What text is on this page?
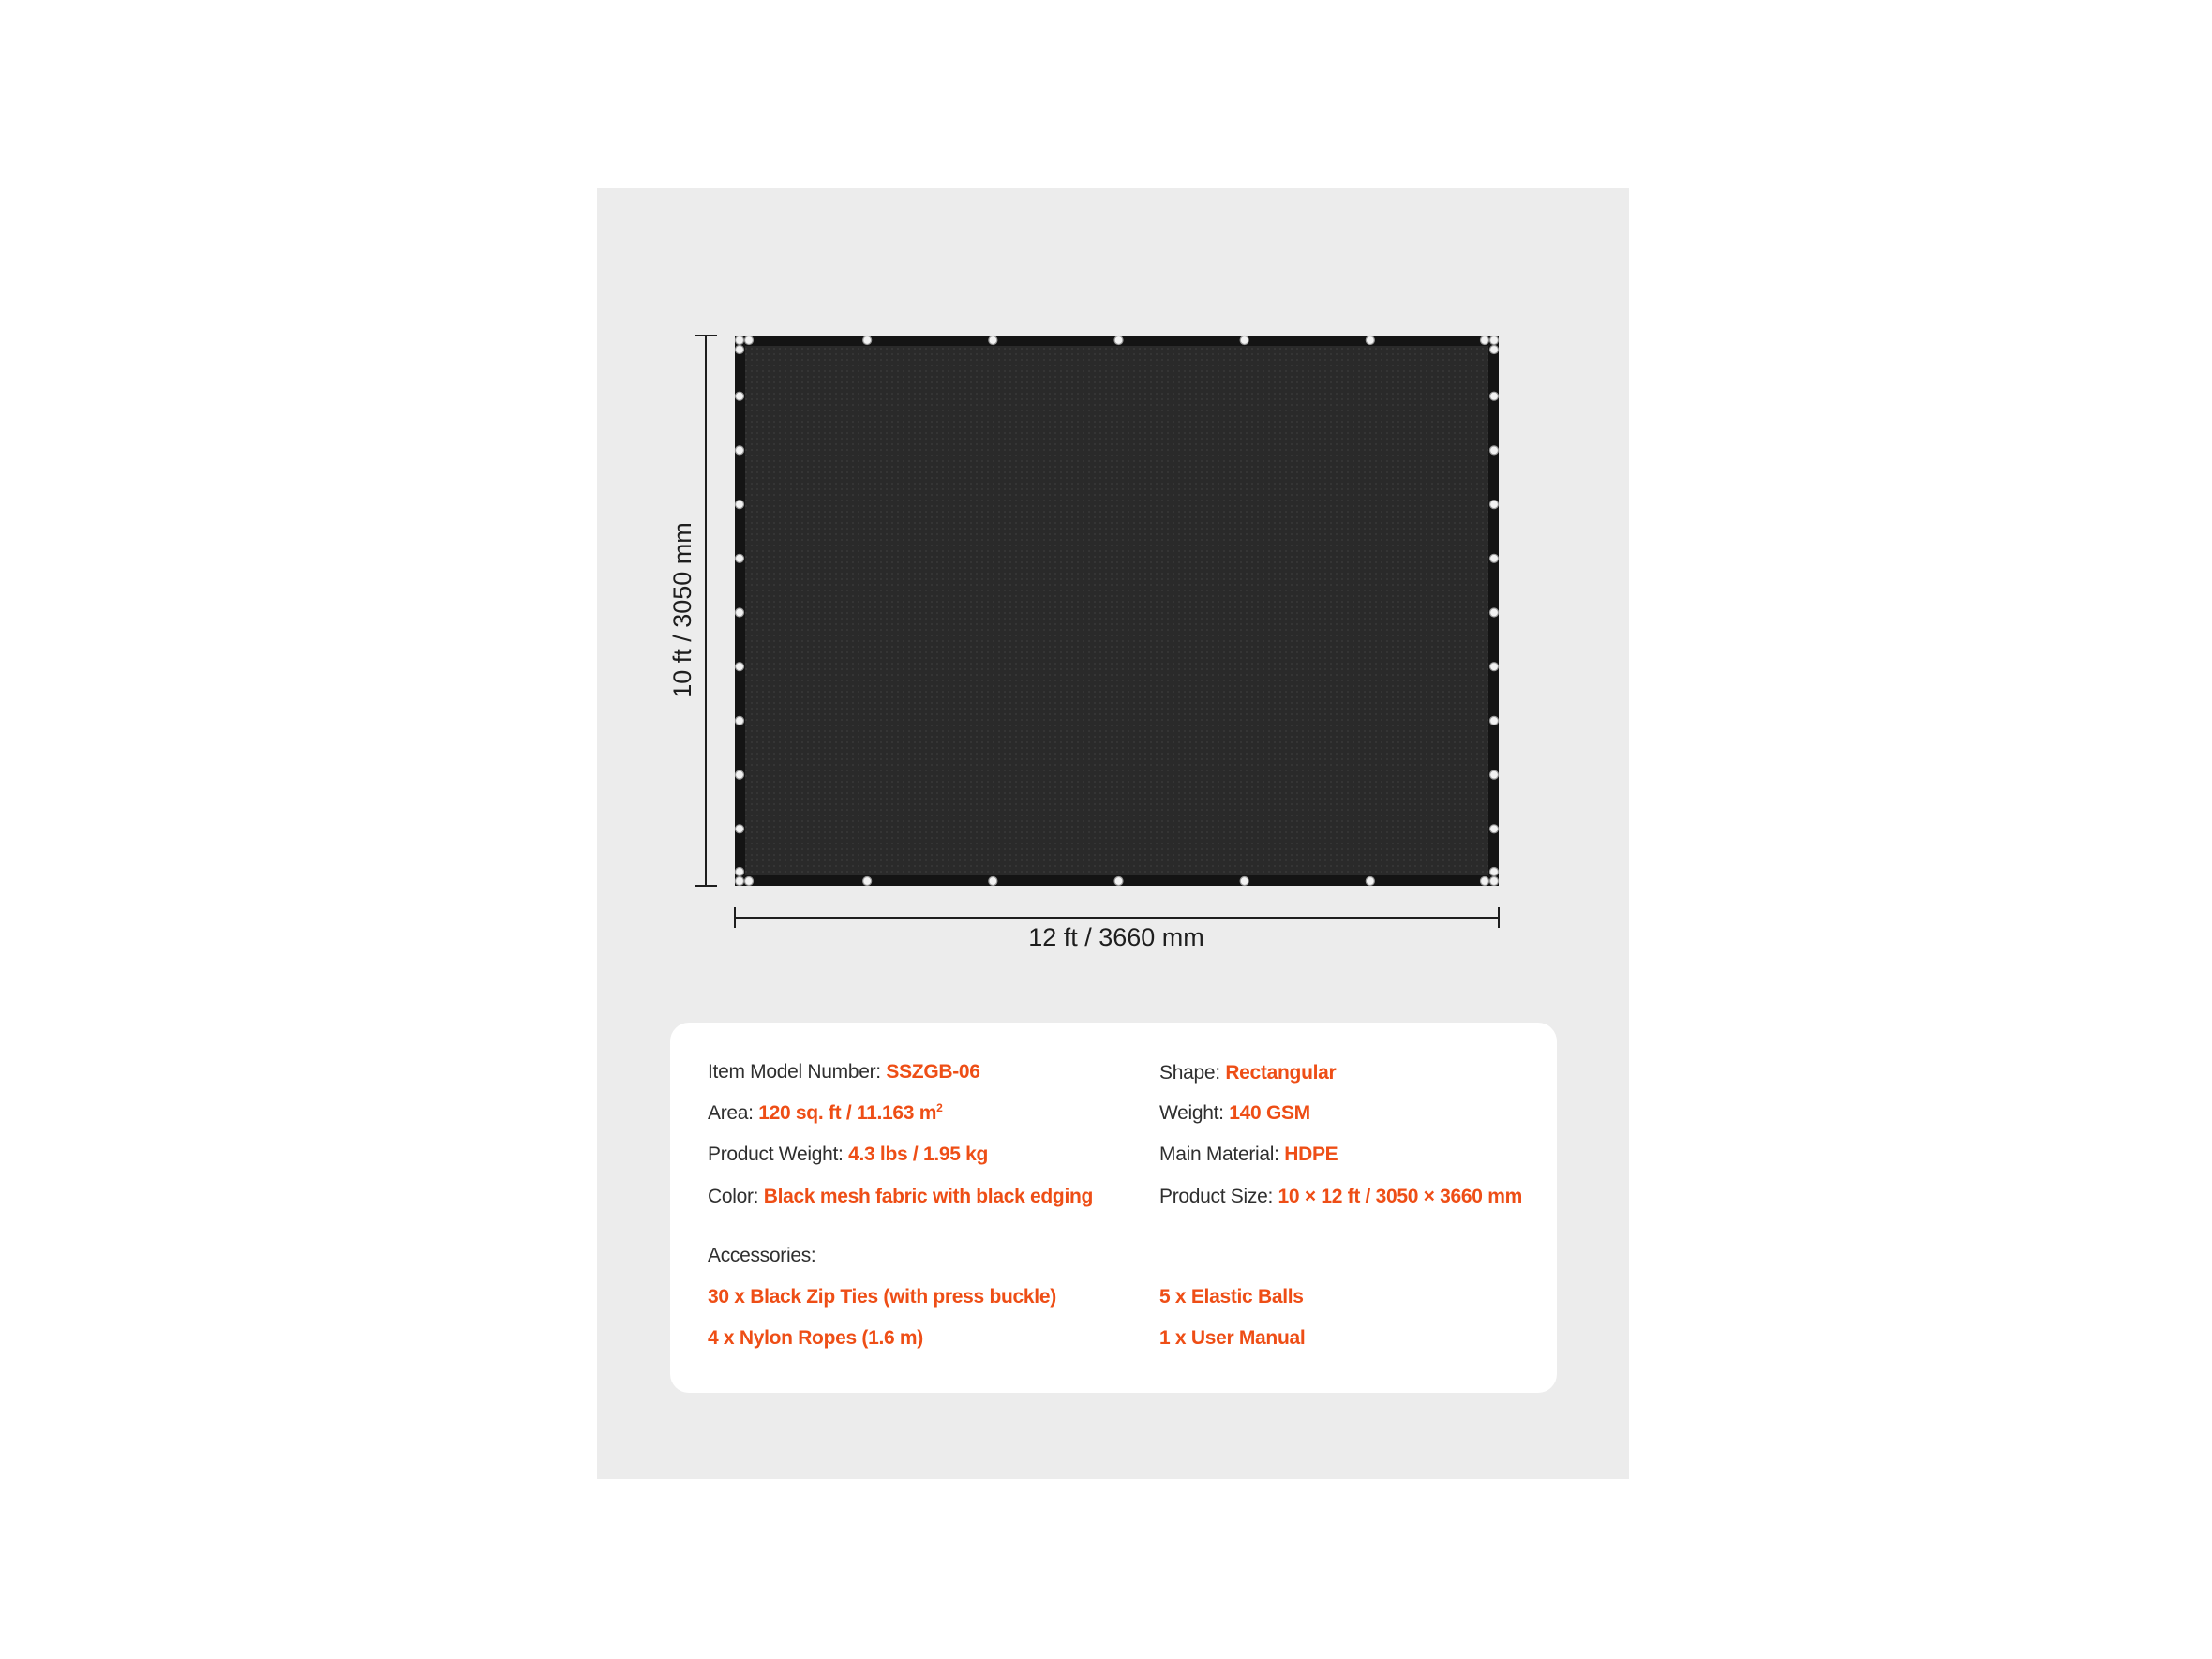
10 ft / 3050 mm
12 ft / 3660 mm
Item Model Number: SSZGB-06
Area: 120 sq. ft / 11.163 $m^2$
Product Weight: 4.3 lbs / 1.95 kg
Color: Black mesh fabric with black edging
Shape: Rectangular
Weight: 140 GSM
Main Material: HDPE
Product Size: 10 × 12 ft / 3050 × 3660 mm
Accessories:
30 x Black Zip Ties (with press buckle)	5 x Elastic Balls
4 x Nylon Ropes (1.6 m)	1 x User Manual
